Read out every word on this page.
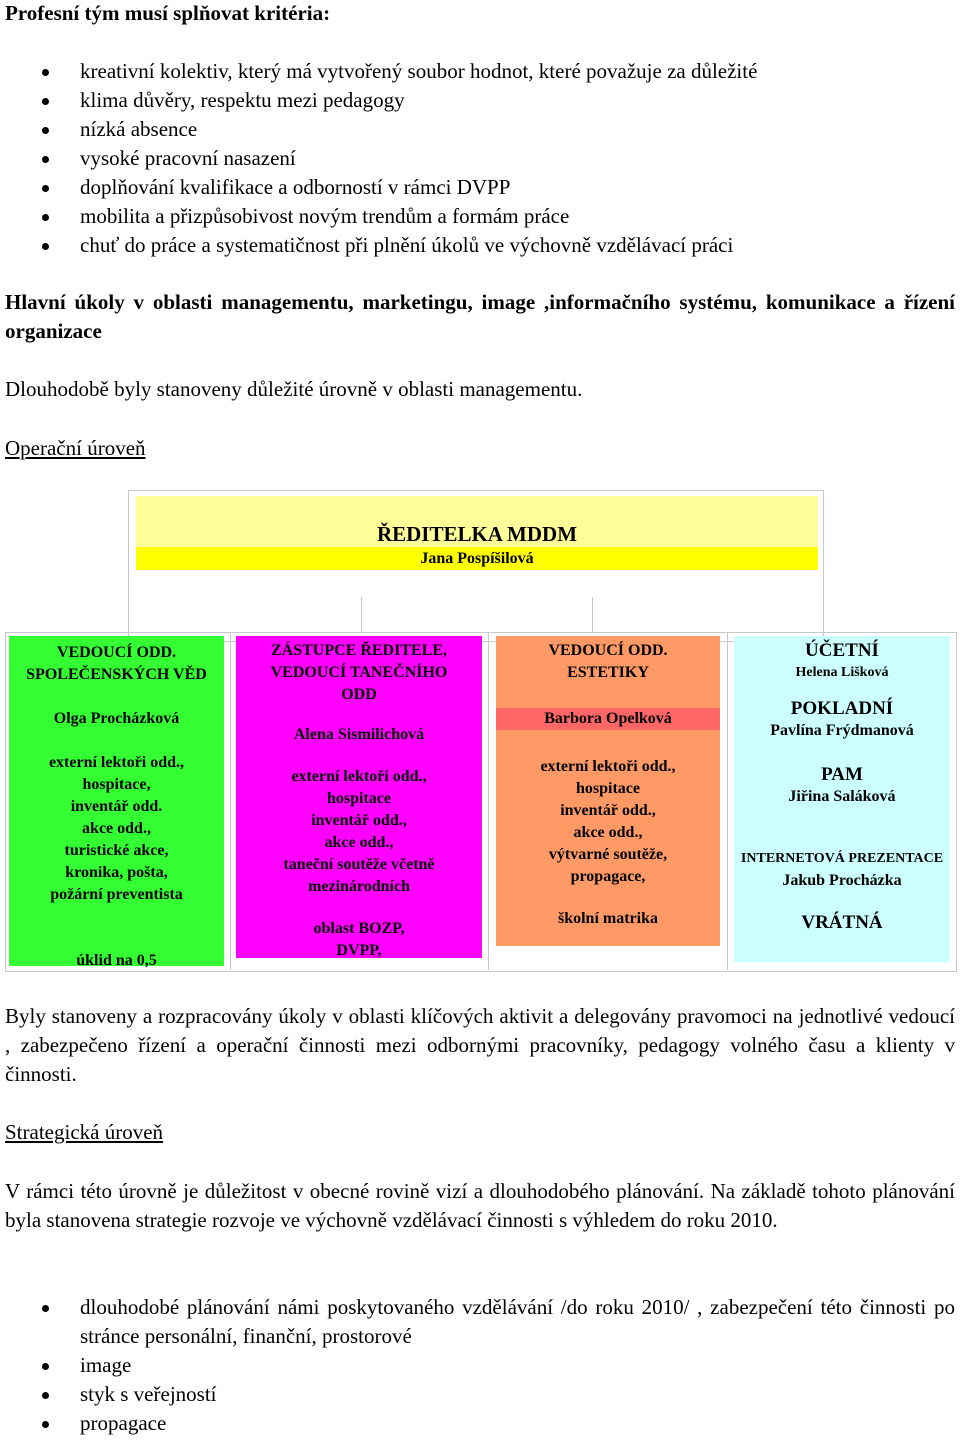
Profesní tým musí splňovat kritéria:
kreativní kolektiv, který má vytvořený soubor hodnot, které považuje za důležité
klima důvěry, respektu mezi pedagogy
nízká absence
vysoké pracovní nasazení
doplňování kvalifikace a odborností v rámci DVPP
mobilita a přizpůsobivost novým trendům a formám práce
chuť do práce a systematičnost při plnění úkolů ve výchovně vzdělávací práci
Hlavní úkoly v oblasti managementu, marketingu, image ,informačního systému, komunikace a řízení organizace
Dlouhodobě byly stanoveny důležité úrovně v oblasti managementu.
Operační úroveň
ŘEDITELKA MDDM
Jana Pospíšilová
VEDOUCÍ ODD.
SPOLEČENSKÝCH VĚD
Olga Procházková
externí lektoři odd.,
hospitace,
inventář odd.
akce odd.,
turistické akce,
kronika, pošta,
požární preventista
úklid na 0,5
ZÁSTUPCE ŘEDITELE,
VEDOUCÍ TANEČNÍHO
ODD
Alena Sismilichová
externí lektoři odd.,
hospitace
inventář odd.,
akce odd.,
taneční soutěže včetně
mezinárodních
oblast BOZP,
DVPP,
VEDOUCÍ ODD.
ESTETIKY
Barbora Opelková
externí lektoři odd.,
hospitace
inventář odd.,
akce odd.,
výtvarné soutěže,
propagace,
školní matrika
ÚČETNÍ
Helena Lišková
POKLADNÍ
Pavlína Frýdmanová
PAM
Jiřina Saláková
INTERNETOVÁ PREZENTACE
Jakub Procházka
VRÁTNÁ
Byly stanoveny a rozpracovány úkoly v oblasti klíčových aktivit a delegovány pravomoci na jednotlivé vedoucí , zabezpečeno řízení a operační činnosti mezi odbornými pracovníky, pedagogy volného času a klienty v činnosti.
Strategická úroveň
V rámci této úrovně je důležitost v obecné rovině vizí a dlouhodobého plánování. Na základě tohoto plánování byla stanovena strategie rozvoje ve výchovně vzdělávací činnosti s výhledem do roku 2010.
dlouhodobé plánování námi poskytovaného vzdělávání /do roku 2010/ , zabezpečení této činnosti po stránce personální, finanční, prostorové
image
styk s veřejností
propagace
